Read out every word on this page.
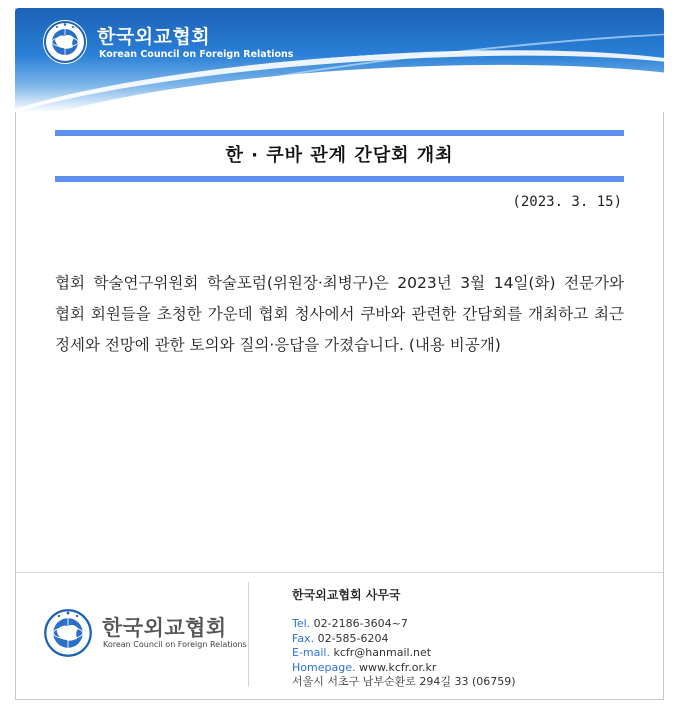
한국외교협회
Korean Council on Foreign Relations
한 · 쿠바 관계 간담회 개최
(2023. 3. 15)
협회 학술연구위원회 학술포럼(위원장·최병구)은 2023년 3월 14일(화) 전문가와 협회 회원들을 초청한 가운데 협회 청사에서 쿠바와 관련한 간담회를 개최하고 최근 정세와 전망에 관한 토의와 질의·응답을 가졌습니다. (내용 비공개)
한국외교협회
Korean Council on Foreign Relations
한국외교협회 사무국
Tel. 02-2186-3604~7
Fax. 02-585-6204
E-mail. kcfr@hanmail.net
Homepage. www.kcfr.or.kr
서울시 서초구 남부순환로 294길 33 (06759)
